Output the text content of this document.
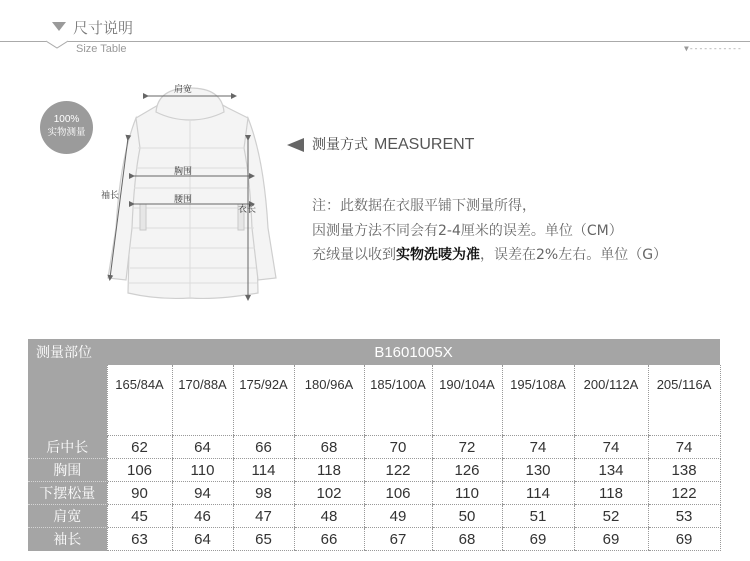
尺寸说明
Size Table	▼‐‐‐‐‐‐‐‐‐‐‐
100%
实物测量
肩宽
胸围
腰围
袖长
衣长
测量方式 MEASURENT
注：此数据在衣服平铺下测量所得，
因测量方法不同会有2-4厘米的误差。单位（CM）
充绒量以收到实物洗唛为准，误差在2%左右。单位（G）
测量部位	B1601005X								
	165/84A	170/88A	175/92A	180/96A	185/100A	190/104A	195/108A	200/112A	205/116A
后中长	62	64	66	68	70	72	74	74	74
胸围	106	110	114	118	122	126	130	134	138
下摆松量	90	94	98	102	106	110	114	118	122
肩宽	45	46	47	48	49	50	51	52	53
袖长	63	64	65	66	67	68	69	69	69
